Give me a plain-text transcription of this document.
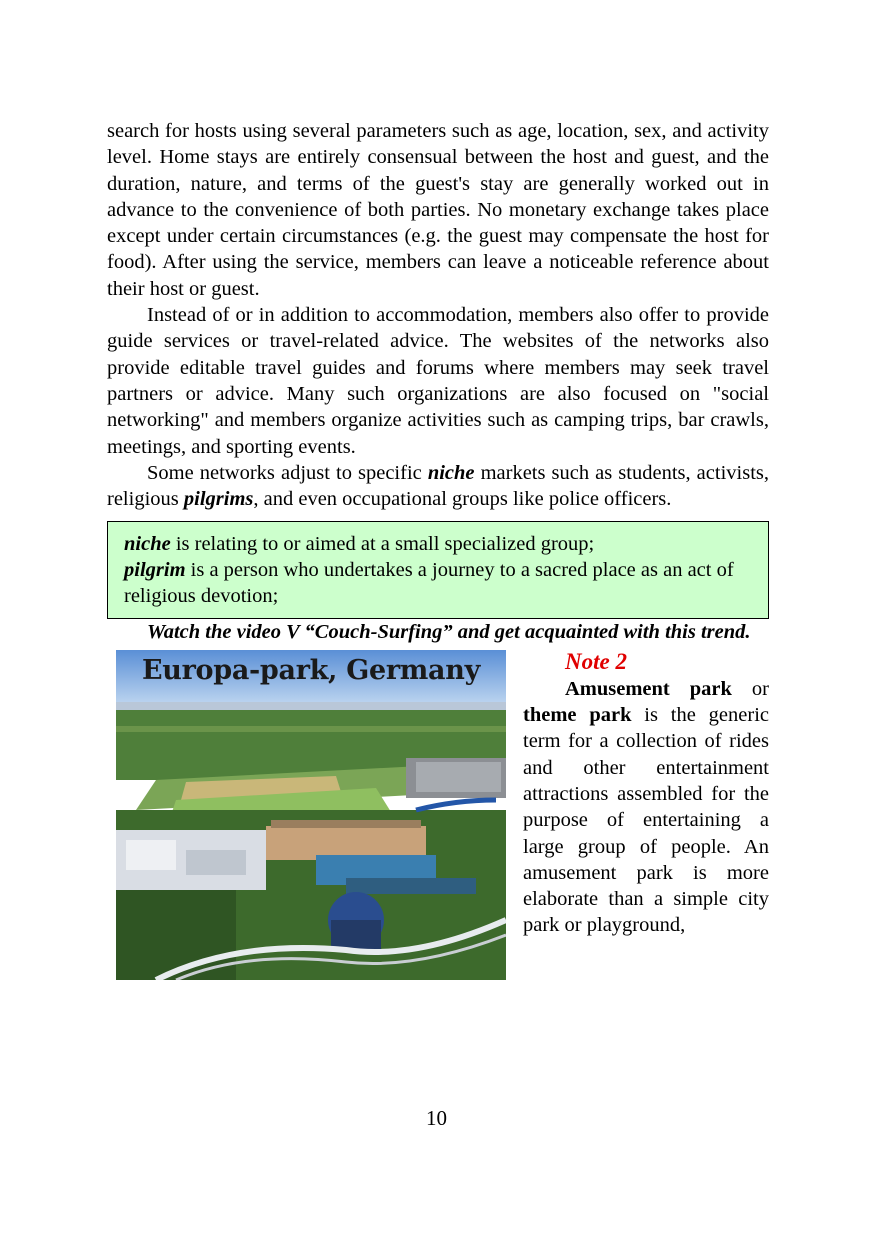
search for hosts using several parameters such as age, location, sex, and activity level. Home stays are entirely consensual between the host and guest, and the duration, nature, and terms of the guest's stay are generally worked out in advance to the convenience of both parties. No monetary exchange takes place except under certain circumstances (e.g. the guest may compensate the host for food). After using the service, members can leave a noticeable reference about their host or guest.

Instead of or in addition to accommodation, members also offer to provide guide services or travel-related advice. The websites of the networks also provide editable travel guides and forums where members may seek travel partners or advice. Many such organizations are also focused on "social networking" and members organize activities such as camping trips, bar crawls, meetings, and sporting events.

Some networks adjust to specific niche markets such as students, activists, religious pilgrims, and even occupational groups like police officers.

niche is relating to or aimed at a small specialized group;
pilgrim is a person who undertakes a journey to a sacred place as an act of religious devotion;

Watch the video V “Couch-Surfing” and get acquainted with this trend.

Europa-park, Germany	Note 2

Amusement park or theme park is the generic term for a collection of rides and other entertainment attractions assembled for the purpose of entertaining a large group of people. An amusement park is more elaborate than a simple city park or playground,

10
